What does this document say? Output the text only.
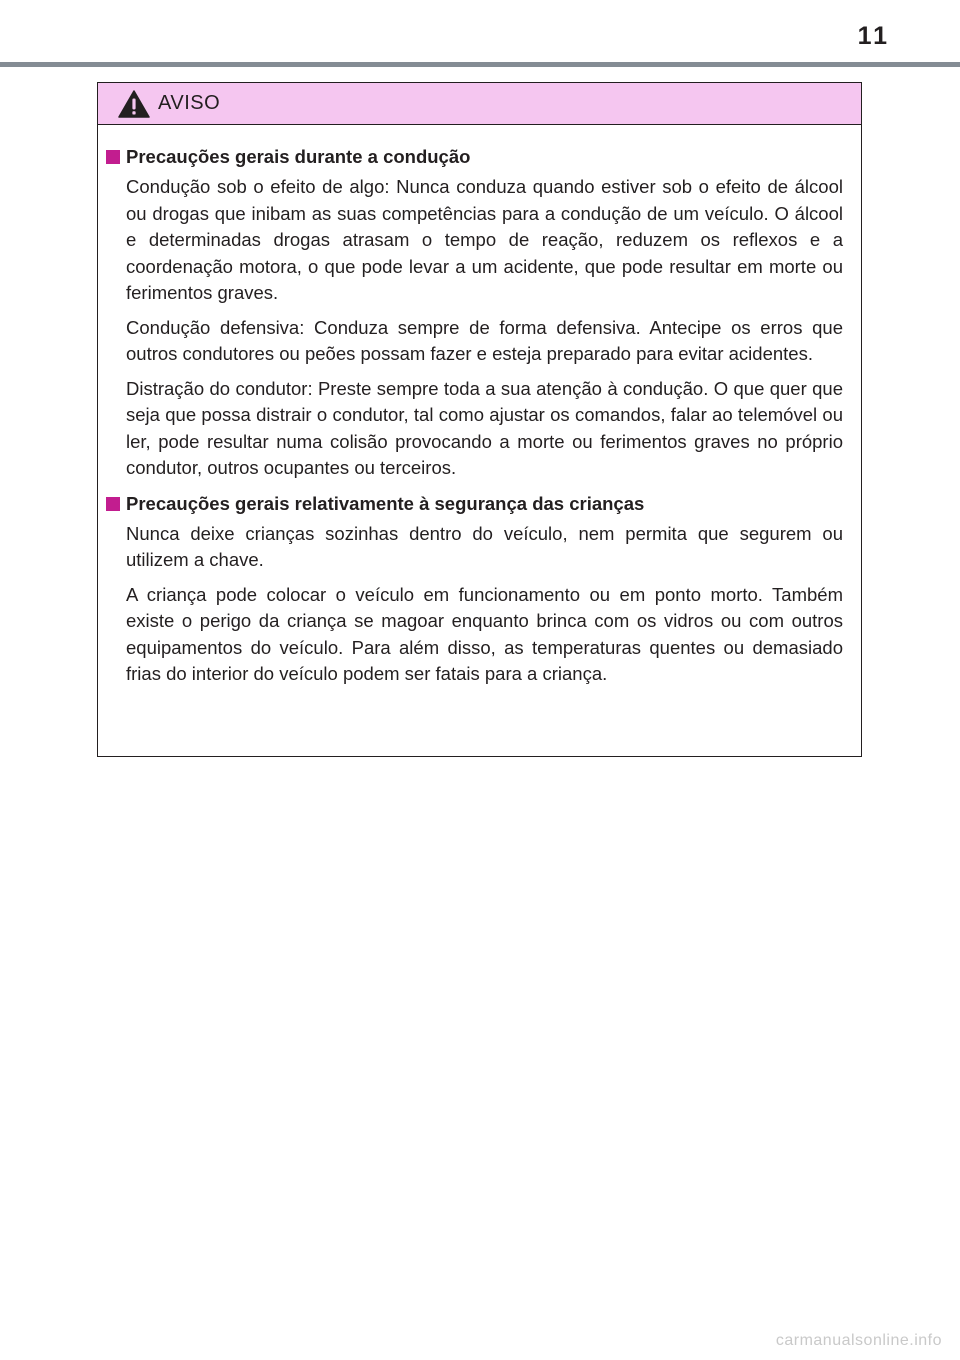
11
AVISO
Precauções gerais durante a condução

Condução sob o efeito de algo: Nunca conduza quando estiver sob o efeito de álcool ou drogas que inibam as suas competências para a condução de um veículo. O álcool e determinadas drogas atrasam o tempo de reação, reduzem os reflexos e a coordenação motora, o que pode levar a um acidente, que pode resultar em morte ou ferimentos graves.

Condução defensiva: Conduza sempre de forma defensiva. Antecipe os erros que outros condutores ou peões possam fazer e esteja preparado para evitar acidentes.

Distração do condutor: Preste sempre toda a sua atenção à condução. O que quer que seja que possa distrair o condutor, tal como ajustar os comandos, falar ao telemóvel ou ler, pode resultar numa colisão provocando a morte ou ferimentos graves no próprio condutor, outros ocupantes ou terceiros.

Precauções gerais relativamente à segurança das crianças

Nunca deixe crianças sozinhas dentro do veículo, nem permita que segurem ou utilizem a chave.

A criança pode colocar o veículo em funcionamento ou em ponto morto. Também existe o perigo da criança se magoar enquanto brinca com os vidros ou com outros equipamentos do veículo. Para além disso, as temperaturas quentes ou demasiado frias do interior do veículo podem ser fatais para a criança.

carmanualsonline.info
